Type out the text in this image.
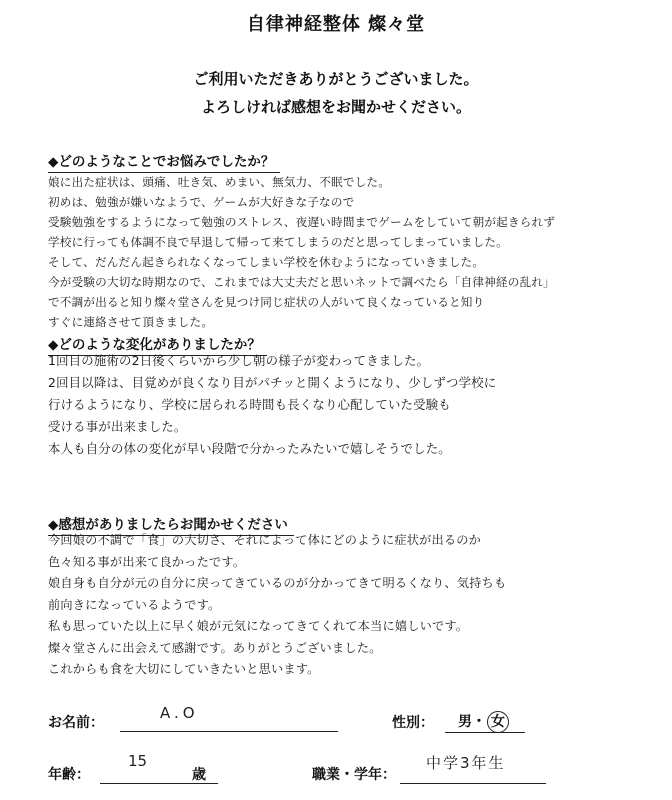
自律神経整体 燦々堂
ご利用いただきありがとうございました。
よろしければ感想をお聞かせください。
◆どのようなことでお悩みでしたか？
娘に出た症状は、頭痛、吐き気、めまい、無気力、不眠でした。
初めは、勉強が嫌いなようで、ゲームが大好きな子なので
受験勉強をするようになって勉強のストレス、夜遅い時間までゲームをしていて朝が起きられず
学校に行っても体調不良で早退して帰って来てしまうのだと思ってしまっていました。
そして、だんだん起きられなくなってしまい学校を休むようになっていきました。
今が受験の大切な時期なので、これまでは大丈夫だと思いネットで調べたら「自律神経の乱れ」
で不調が出ると知り燦々堂さんを見つけ同じ症状の人がいて良くなっていると知り
すぐに連絡させて頂きました。
◆どのような変化がありましたか？
1回目の施術の2日後くらいから少し朝の様子が変わってきました。
2回目以降は、目覚めが良くなり目がパチッと開くようになり、少しずつ学校に
行けるようになり、学校に居られる時間も長くなり心配していた受験も
受ける事が出来ました。
本人も自分の体の変化が早い段階で分かったみたいで嬉しそうでした。
◆感想がありましたらお聞かせください
今回娘の不調で「食」の大切さ、それによって体にどのように症状が出るのか
色々知る事が出来て良かったです。
娘自身も自分が元の自分に戻ってきているのが分かってきて明るくなり、気持ちも
前向きになっているようです。
私も思っていた以上に早く娘が元気になってきてくれて本当に嬉しいです。
燦々堂さんに出会えて感謝です。ありがとうございました。
これからも食を大切にしていきたいと思います。
お名前：
A.O
性別： 男・ 女
年齢：
15
歳	職業・学年：
中学3年生
